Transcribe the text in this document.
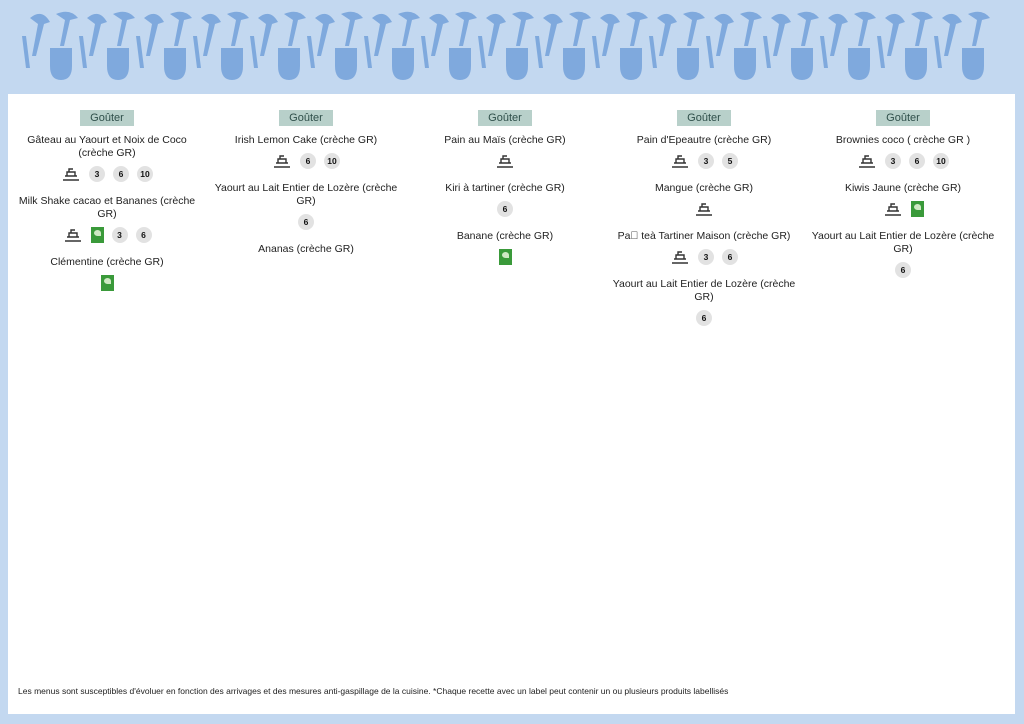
Goûter
Gâteau au Yaourt et Noix de Coco (crèche GR)
3	6	10
Milk Shake cacao et Bananes (crèche GR)
3	6
Clémentine (crèche GR)
Goûter
Irish Lemon Cake (crèche GR)
6	10
Yaourt au Lait Entier de Lozère (crèche GR)
6
Ananas (crèche GR)
Goûter
Pain au Maïs (crèche GR)
Kiri à tartiner (crèche GR)
6
Banane (crèche GR)
Goûter
Pain d'Epeautre (crèche GR)
3	5
Mangue (crèche GR)
Pa  teà Tartiner Maison (crèche GR)
3	6
Yaourt au Lait Entier de Lozère (crèche GR)
6
Goûter
Brownies coco ( crèche GR )
3	6	10
Kiwis Jaune (crèche GR)
Yaourt au Lait Entier de Lozère (crèche GR)
6
Les menus sont susceptibles d'évoluer en fonction des arrivages et des mesures anti-gaspillage de la cuisine. *Chaque recette avec un label peut contenir un ou plusieurs produits labellisés
